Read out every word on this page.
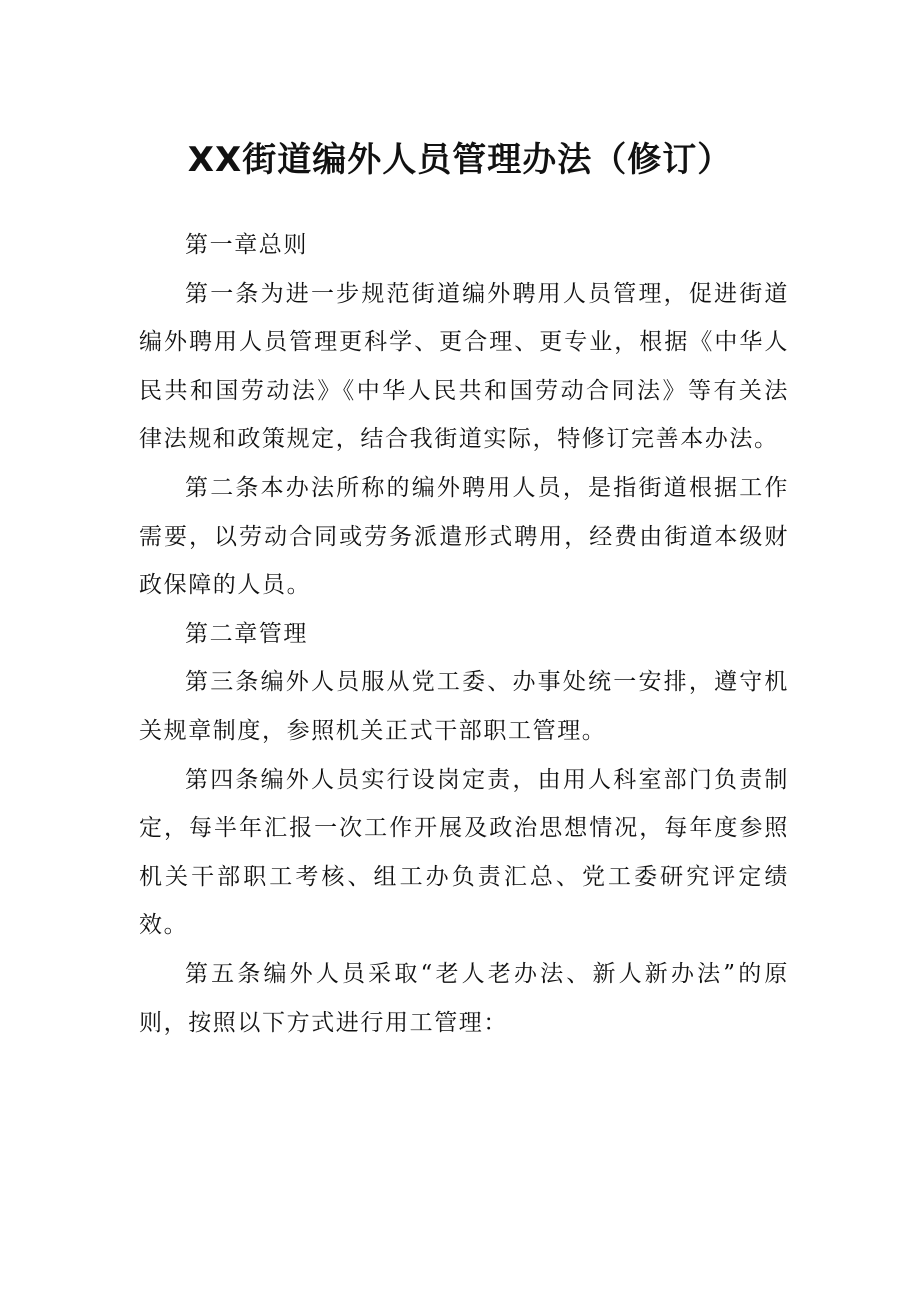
XX街道编外人员管理办法（修订）

第一章总则

第一条为进一步规范街道编外聘用人员管理，促进街道编外聘用人员管理更科学、更合理、更专业，根据《中华人民共和国劳动法》《中华人民共和国劳动合同法》等有关法律法规和政策规定，结合我街道实际，特修订完善本办法。

第二条本办法所称的编外聘用人员，是指街道根据工作需要，以劳动合同或劳务派遣形式聘用，经费由街道本级财政保障的人员。

第二章管理

第三条编外人员服从党工委、办事处统一安排，遵守机关规章制度，参照机关正式干部职工管理。

第四条编外人员实行设岗定责，由用人科室部门负责制定，每半年汇报一次工作开展及政治思想情况，每年度参照机关干部职工考核、组工办负责汇总、党工委研究评定绩效。

第五条编外人员采取“老人老办法、新人新办法”的原则，按照以下方式进行用工管理：
